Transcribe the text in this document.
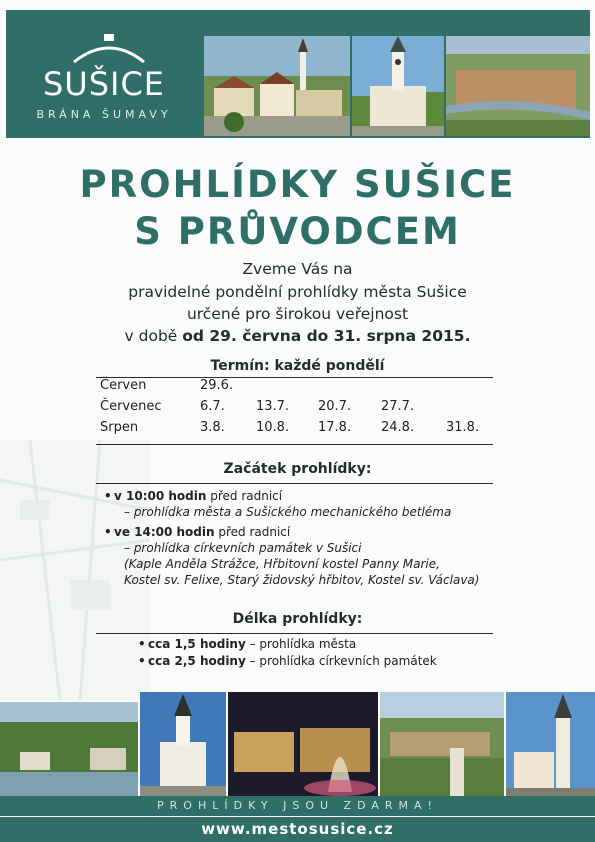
SUŠICE
BRÁNA ŠUMAVY
PROHLÍDKY SUŠICE
S PRŮVODCEM
Zveme Vás na
pravidelné pondělní prohlídky města Sušice
určené pro širokou veřejnost
v době od 29. června do 31. srpna 2015.
Termín: každé pondělí
Červen	29.6.
Červenec	6.7. 13.7. 20.7. 27.7.
Srpen	3.8. 10.8. 17.8. 24.8. 31.8.
Začátek prohlídky:
• v 10:00 hodin před radnicí
– prohlídka města a Sušického mechanického betléma
• ve 14:00 hodin před radnicí
– prohlídka církevních památek v Sušici
(Kaple Anděla Strážce, Hřbitovní kostel Panny Marie,
Kostel sv. Felixe, Starý židovský hřbitov, Kostel sv. Václava)
Délka prohlídky:
• cca 1,5 hodiny – prohlídka města
• cca 2,5 hodiny – prohlídka církevních památek
PROHLÍDKY JSOU ZDARMA!
www.mestosusice.cz
